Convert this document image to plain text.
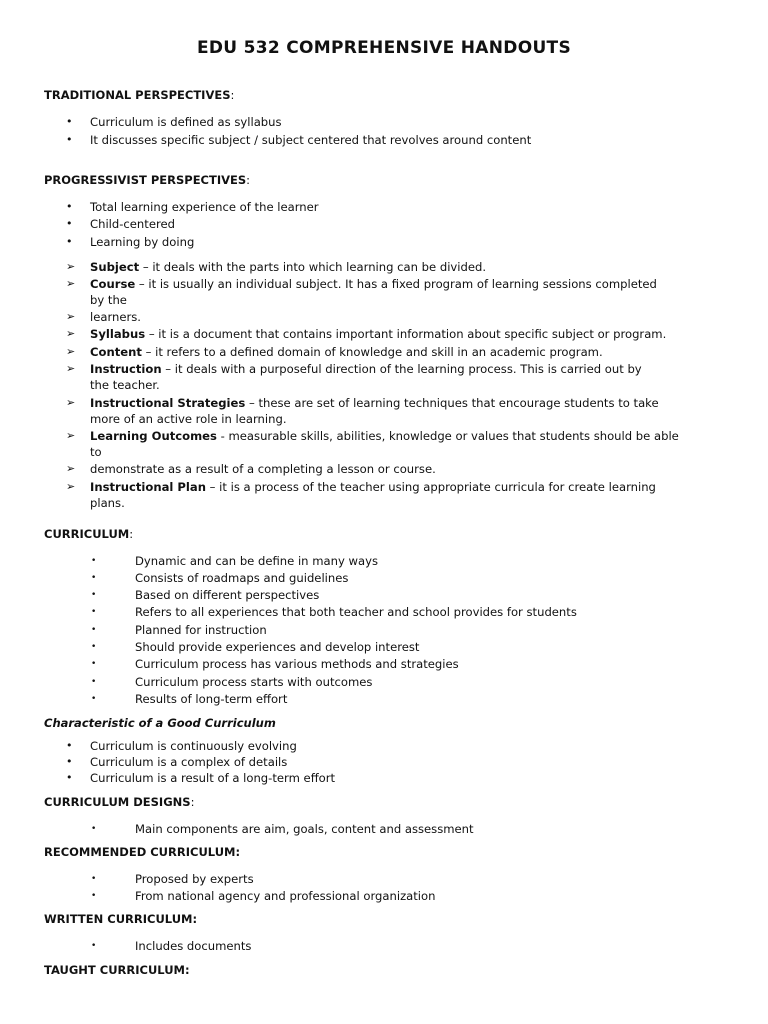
EDU 532 COMPREHENSIVE HANDOUTS
TRADITIONAL PERSPECTIVES:
• Curriculum is defined as syllabus
• It discusses specific subject / subject centered that revolves around content
PROGRESSIVIST PERSPECTIVES:
• Total learning experience of the learner
• Child-centered
• Learning by doing
➢ Subject – it deals with the parts into which learning can be divided.
➢ Course – it is usually an individual subject. It has a fixed program of learning sessions completed
by the
➢ learners.
➢ Syllabus – it is a document that contains important information about specific subject or program.
➢ Content – it refers to a defined domain of knowledge and skill in an academic program.
➢ Instruction – it deals with a purposeful direction of the learning process. This is carried out by
the teacher.
➢ Instructional Strategies – these are set of learning techniques that encourage students to take
more of an active role in learning.
➢ Learning Outcomes - measurable skills, abilities, knowledge or values that students should be able
to
➢ demonstrate as a result of a completing a lesson or course.
➢ Instructional Plan – it is a process of the teacher using appropriate curricula for create learning
plans.
CURRICULUM:
•	Dynamic and can be define in many ways
•	Consists of roadmaps and guidelines
•	Based on different perspectives
•	Refers to all experiences that both teacher and school provides for students
•	Planned for instruction
•	Should provide experiences and develop interest
•	Curriculum process has various methods and strategies
•	Curriculum process starts with outcomes
•	Results of long-term effort
Characteristic of a Good Curriculum
• Curriculum is continuously evolving
• Curriculum is a complex of details
• Curriculum is a result of a long-term effort
CURRICULUM DESIGNS:
•	Main components are aim, goals, content and assessment
RECOMMENDED CURRICULUM:
•	Proposed by experts
•	From national agency and professional organization
WRITTEN CURRICULUM:
•	Includes documents
TAUGHT CURRICULUM:
